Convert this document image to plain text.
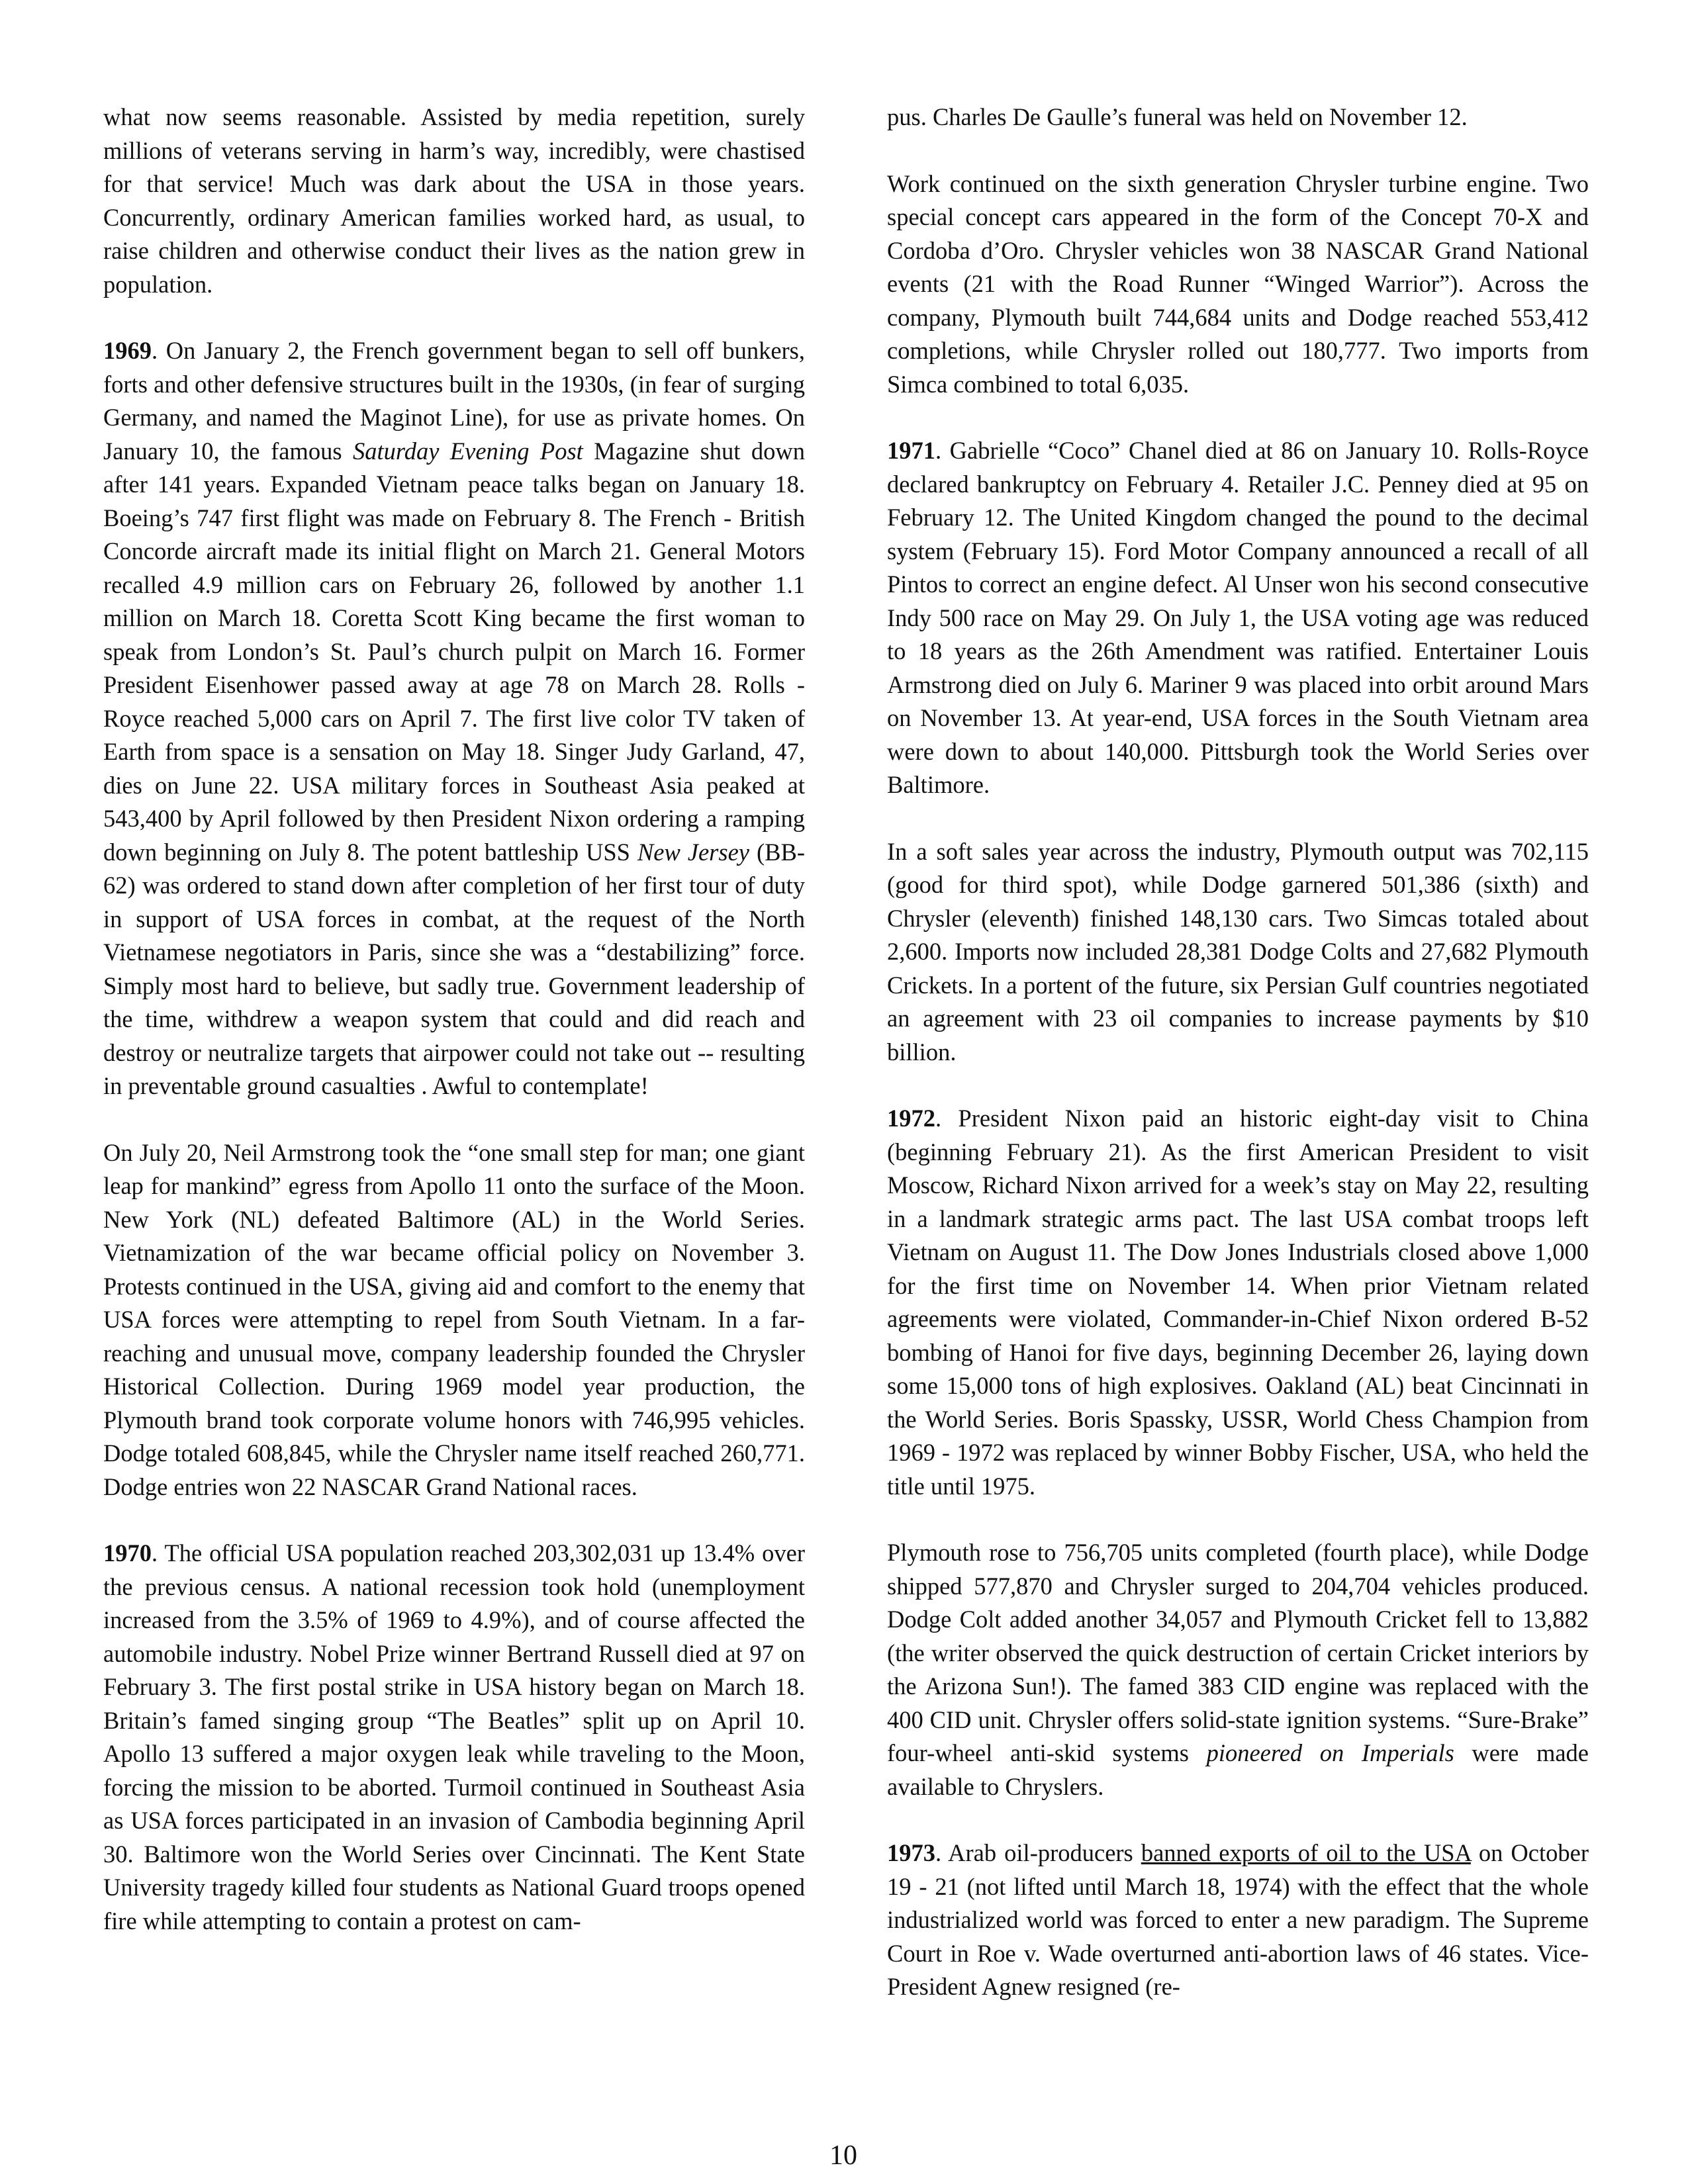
what now seems reasonable. Assisted by media repetition, surely millions of veterans serving in harm’s way, incredibly, were chastised for that service! Much was dark about the USA in those years. Concurrently, ordinary American families worked hard, as usual, to raise children and otherwise conduct their lives as the nation grew in population.

1969. On January 2, the French government began to sell off bunkers, forts and other defensive structures built in the 1930s, (in fear of surging Germany, and named the Maginot Line), for use as private homes. On January 10, the famous Saturday Evening Post Magazine shut down after 141 years. Expanded Vietnam peace talks began on January 18. Boeing’s 747 first flight was made on February 8. The French - British Concorde aircraft made its initial flight on March 21. General Motors recalled 4.9 million cars on February 26, followed by another 1.1 million on March 18. Coretta Scott King became the first woman to speak from London’s St. Paul’s church pulpit on March 16. Former President Eisenhower passed away at age 78 on March 28. Rolls - Royce reached 5,000 cars on April 7. The first live color TV taken of Earth from space is a sensation on May 18. Singer Judy Garland, 47, dies on June 22. USA military forces in Southeast Asia peaked at 543,400 by April followed by then President Nixon ordering a ramping down beginning on July 8. The potent battleship USS New Jersey (BB-62) was ordered to stand down after completion of her first tour of duty in support of USA forces in combat, at the request of the North Vietnamese negotiators in Paris, since she was a “destabilizing” force. Simply most hard to believe, but sadly true. Government leadership of the time, withdrew a weapon system that could and did reach and destroy or neutralize targets that airpower could not take out -- resulting in preventable ground casualties . Awful to contemplate!

On July 20, Neil Armstrong took the “one small step for man; one giant leap for mankind” egress from Apollo 11 onto the surface of the Moon. New York (NL) defeated Baltimore (AL) in the World Series. Vietnamization of the war became official policy on November 3. Protests continued in the USA, giving aid and comfort to the enemy that USA forces were attempting to repel from South Vietnam. In a far-reaching and unusual move, company leadership founded the Chrysler Historical Collection. During 1969 model year production, the Plymouth brand took corporate volume honors with 746,995 vehicles. Dodge totaled 608,845, while the Chrysler name itself reached 260,771. Dodge entries won 22 NASCAR Grand National races.

1970. The official USA population reached 203,302,031 up 13.4% over the previous census. A national recession took hold (unemployment increased from the 3.5% of 1969 to 4.9%), and of course affected the automobile industry. Nobel Prize winner Bertrand Russell died at 97 on February 3. The first postal strike in USA history began on March 18. Britain’s famed singing group “The Beatles” split up on April 10. Apollo 13 suffered a major oxygen leak while traveling to the Moon, forcing the mission to be aborted. Turmoil continued in Southeast Asia as USA forces participated in an invasion of Cambodia beginning April 30. Baltimore won the World Series over Cincinnati. The Kent State University tragedy killed four students as National Guard troops opened fire while attempting to contain a protest on cam-

pus. Charles De Gaulle’s funeral was held on November 12.

Work continued on the sixth generation Chrysler turbine engine. Two special concept cars appeared in the form of the Concept 70-X and Cordoba d’Oro. Chrysler vehicles won 38 NASCAR Grand National events (21 with the Road Runner “Winged Warrior”). Across the company, Plymouth built 744,684 units and Dodge reached 553,412 completions, while Chrysler rolled out 180,777. Two imports from Simca combined to total 6,035.

1971. Gabrielle “Coco” Chanel died at 86 on January 10. Rolls-Royce declared bankruptcy on February 4. Retailer J.C. Penney died at 95 on February 12. The United Kingdom changed the pound to the decimal system (February 15). Ford Motor Company announced a recall of all Pintos to correct an engine defect. Al Unser won his second consecutive Indy 500 race on May 29. On July 1, the USA voting age was reduced to 18 years as the 26th Amendment was ratified. Entertainer Louis Armstrong died on July 6. Mariner 9 was placed into orbit around Mars on November 13. At year-end, USA forces in the South Vietnam area were down to about 140,000. Pittsburgh took the World Series over Baltimore.

In a soft sales year across the industry, Plymouth output was 702,115 (good for third spot), while Dodge garnered 501,386 (sixth) and Chrysler (eleventh) finished 148,130 cars. Two Simcas totaled about 2,600. Imports now included 28,381 Dodge Colts and 27,682 Plymouth Crickets. In a portent of the future, six Persian Gulf countries negotiated an agreement with 23 oil companies to increase payments by $10 billion.

1972. President Nixon paid an historic eight-day visit to China (beginning February 21). As the first American President to visit Moscow, Richard Nixon arrived for a week’s stay on May 22, resulting in a landmark strategic arms pact. The last USA combat troops left Vietnam on August 11. The Dow Jones Industrials closed above 1,000 for the first time on November 14. When prior Vietnam related agreements were violated, Commander-in-Chief Nixon ordered B-52 bombing of Hanoi for five days, beginning December 26, laying down some 15,000 tons of high explosives. Oakland (AL) beat Cincinnati in the World Series. Boris Spassky, USSR, World Chess Champion from 1969 - 1972 was replaced by winner Bobby Fischer, USA, who held the title until 1975.

Plymouth rose to 756,705 units completed (fourth place), while Dodge shipped 577,870 and Chrysler surged to 204,704 vehicles produced. Dodge Colt added another 34,057 and Plymouth Cricket fell to 13,882 (the writer observed the quick destruction of certain Cricket interiors by the Arizona Sun!). The famed 383 CID engine was replaced with the 400 CID unit. Chrysler offers solid-state ignition systems. “Sure-Brake” four-wheel anti-skid systems pioneered on Imperials were made available to Chryslers.

1973. Arab oil-producers banned exports of oil to the USA on October 19 - 21 (not lifted until March 18, 1974) with the effect that the whole industrialized world was forced to enter a new paradigm. The Supreme Court in Roe v. Wade overturned anti-abortion laws of 46 states. Vice-President Agnew resigned (re-

10
